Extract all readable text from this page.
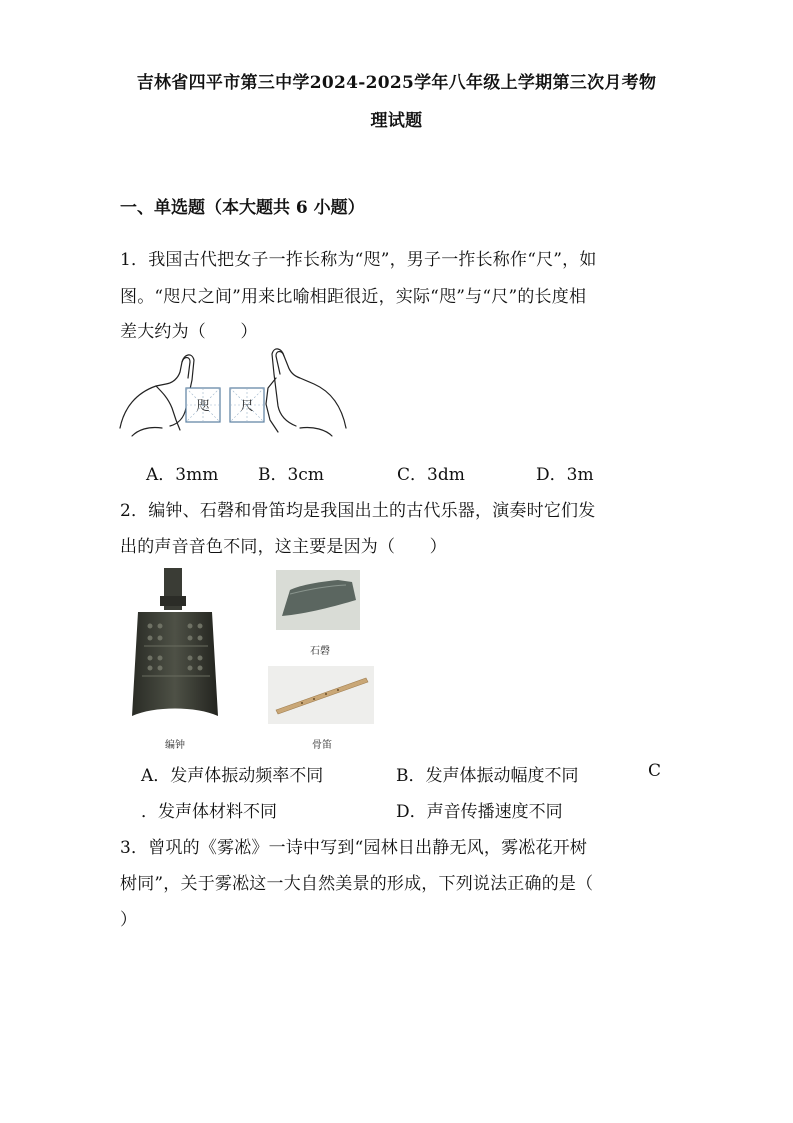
吉林省四平市第三中学2024-2025学年八年级上学期第三次月考物
理试题
一、单选题（本大题共 6 小题）
1．我国古代把女子一拃长称为“咫”，男子一拃长称作“尺”，如
图。“咫尺之间”用来比喻相距很近，实际“咫”与“尺”的长度相
差大约为（　　）
咫 尺
A．3mm B．3cm	C．3dm	D．3m
2．编钟、石磬和骨笛均是我国出土的古代乐器，演奏时它们发
出的声音音色不同，这主要是因为（　　）
编钟
石磬
骨笛
A．发声体振动频率不同	B．发声体振动幅度不同	C
．发声体材料不同	D．声音传播速度不同
3．曾巩的《雾凇》一诗中写到“园林日出静无风，雾凇花开树
树同”，关于雾凇这一大自然美景的形成，下列说法正确的是（
）
